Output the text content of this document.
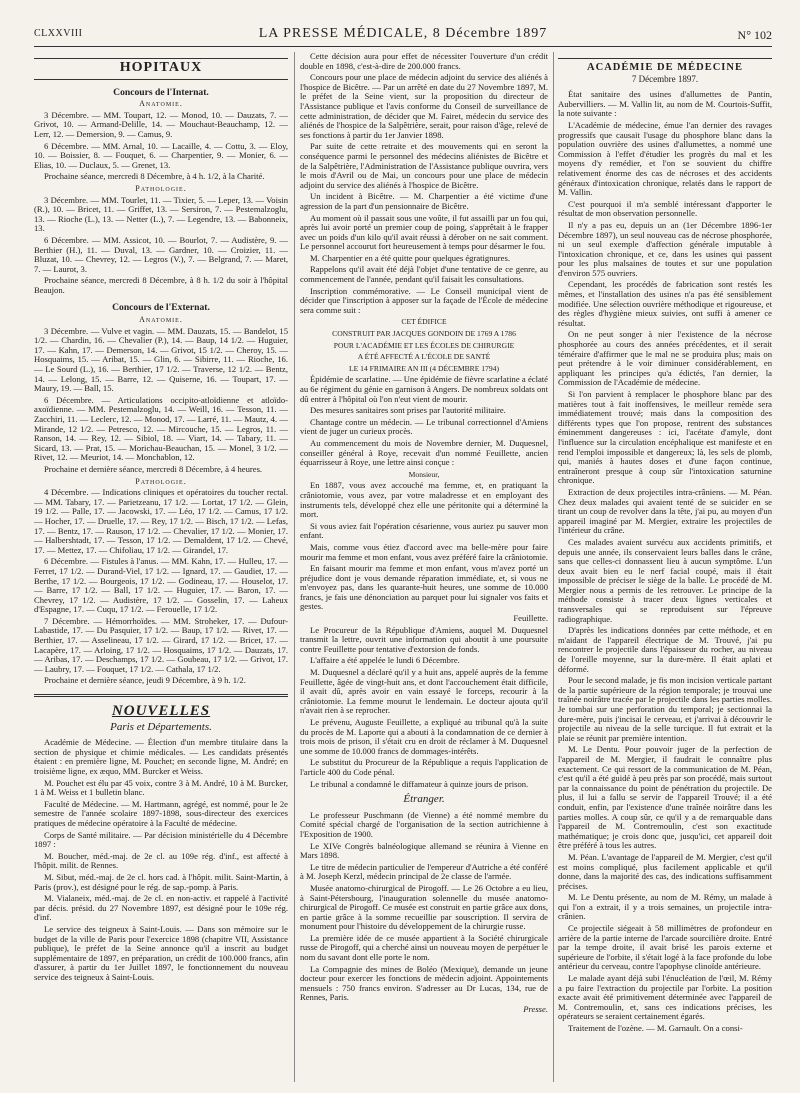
CLXXVIII	LA PRESSE MÉDICALE, 8 Décembre 1897	N° 102
HOPITAUX
Concours de l'Internat.
Anatomie.

3 Décembre. — MM. Toupart, 12. — Monod, 10. — Dauzats, 7. — Grivot, 10. — Armand-Delille, 14. — Mouchaut-Beauchamp, 12. — Lerr, 12. — Demersion, 9. — Camus, 9.

6 Décembre. — MM. Arnal, 10. — Lacaille, 4. — Cottu, 3. — Eloy, 10. — Boissier, 8. — Fouquet, 6. — Charpentier, 9. — Monier, 6. — Elias, 10. — Duclaux, 5. — Grenet, 13.

Prochaine séance, mercredi 8 Décembre, à 4 h. 1/2, à la Charité.

Pathologie.

3 Décembre. — MM. Tourlet, 11. — Tixier, 5. — Leper, 13. — Voisin (R.), 10. — Bricet, 11. — Griffet, 13. — Sersiron, 7. — Pestemalzoglu, 13. — Rioche (L.), 13. — Netter (L.), 7. — Legendre, 13. — Babonneix, 13.

6 Décembre. — MM. Assicot, 10. — Bourlot, 7. — Audistère, 9. — Berthier (H.), 11. — Duval, 13. — Gardner, 10. — Croizier, 11. — Bluzat, 10. — Chevrey, 12. — Legros (V.), 7. — Belgrand, 7. — Maret, 7. — Laurot, 3.

Prochaine séance, mercredi 8 Décembre, à 8 h. 1/2 du soir à l'hôpital Beaujon.

Concours de l'Externat.
Anatomie.

3 Décembre. — Vulve et vagin. — MM. Dauzats, 15. — Bandelot, 15 1/2. — Chardin, 16. — Chevalier (P.), 14. — Baup, 14 1/2. — Huguier, 17. — Kahn, 17. — Demerson, 14. — Grivot, 15 1/2. — Cheroy, 15. — Hosquaims, 15. — Aribat, 15. — Glin, 6. — Sibirre, 11. — Rioche, 16. — Le Sourd (L.), 16. — Berthier, 17 1/2. — Traverse, 12 1/2. — Bentz, 14. — Lelong, 15. — Barre, 12. — Quiserne, 16. — Toupart, 17. — Maury, 19. — Ball, 15.

6 Décembre. — Articulations occipito-atloïdienne et atloïdo-axoïdienne. — MM. Pestemalzoglu, 14. — Weill, 16. — Tesson, 11. — Zacchiri, 11. — Leclerc, 12. — Monod, 17. — Larré, 11. — Mautz, 4. — Mirande, 12 1/2. — Petresco, 12. — Mircouche, 15. — Legros, 11. — Ranson, 14. — Rey, 12. — Sibiol, 18. — Viart, 14. — Tabary, 11. — Sicard, 13. — Prat, 15. — Morichau-Beauchan, 15. — Monel, 3 1/2. — Rivet, 12. — Meuriot, 14. — Monchablon, 12.

Prochaine et dernière séance, mercredi 8 Décembre, à 4 heures.

Pathologie.

4 Décembre. — Indications cliniques et opératoires du toucher rectal. — MM. Tabary, 17. — Parietzeanu, 17 1/2. — Lortat, 17 1/2. — Glein, 19 1/2. — Palle, 17. — Jacowski, 17. — Léo, 17 1/2. — Camus, 17 1/2. — Hocher, 17. — Druelle, 17. — Rey, 17 1/2. — Bisch, 17 1/2. — Lefas, 17. — Bentz, 17. — Rauson, 17 1/2. — Chevalier, 17 1/2. — Monier, 17. — Halbershtadt, 17. — Tesson, 17 1/2. — Demaldent, 17 1/2. — Chevé, 17. — Mettez, 17. — Chifoliau, 17 1/2. — Girandel, 17.

6 Décembre. — Fistules à l'anus. — MM. Kahn, 17. — Hulleu, 17. — Ferret, 17 1/2. — Durand-Viel, 17 1/2. — Ignard, 17. — Gaudiet, 17. — Berthe, 17 1/2. — Bourgeois, 17 1/2. — Godineau, 17. — Houselot, 17. — Barre, 17 1/2. — Ball, 17 1/2. — Huguier, 17. — Baron, 17. — Chevrey, 17 1/2. — Audistère, 17 1/2. — Gosselin, 17. — Laheux d'Espagne, 17. — Cuqu, 17 1/2. — Ferouelle, 17 1/2.

7 Décembre. — Hémorrhoïdes. — MM. Stroheker, 17. — Dufour-Labastide, 17. — Du Pasquier, 17 1/2. — Baup, 17 1/2. — Rivet, 17. — Berthier, 17. — Asselineau, 17 1/2. — Girard, 17 1/2. — Bricet, 17. — Lacapère, 17. — Arloing, 17 1/2. — Hosquaims, 17 1/2. — Dauzats, 17. — Aribas, 17. — Deschamps, 17 1/2. — Goubeau, 17 1/2. — Grivot, 17. — Laubry, 17. — Fouquet, 17 1/2. — Cathala, 17 1/2.

Prochaine et dernière séance, jeudi 9 Décembre, à 9 h. 1/2.

NOUVELLES
Paris et Départements.

Académie de Médecine. — Élection d'un membre titulaire dans la section de physique et chimie médicales. — Les candidats présentés étaient : en première ligne, M. Pouchet; en seconde ligne, M. André; en troisième ligne, ex æquo, MM. Burcker et Weiss.

M. Pouchet est élu par 45 voix, contre 3 à M. André, 10 à M. Burcker, 1 à M. Weiss et 1 bulletin blanc.

Faculté de Médecine. — M. Hartmann, agrégé, est nommé, pour le 2e semestre de l'année scolaire 1897-1898, sous-directeur des exercices pratiques de médecine opératoire à la Faculté de médecine.

Corps de Santé militaire. — Par décision ministérielle du 4 Décembre 1897 :

M. Boucher, méd.-maj. de 2e cl. au 109e rég. d'inf., est affecté à l'hôpit. milit. de Rennes.

M. Sibut, méd.-maj. de 2e cl. hors cad. à l'hôpit. milit. Saint-Martin, à Paris (prov.), est désigné pour le rég. de sap.-pomp. à Paris.

M. Vialaneix, méd.-maj. de 2e cl. en non-activ. et rappelé à l'activité par décis. présid. du 27 Novembre 1897, est désigné pour le 109e rég. d'inf.

Le service des teigneux à Saint-Louis. — Dans son mémoire sur le budget de la ville de Paris pour l'exercice 1898 (chapitre VII, Assistance publique), le préfet de la Seine annonce qu'il a inscrit au budget supplémentaire de 1897, en préparation, un crédit de 100.000 francs, afin d'assurer, à partir du 1er Juillet 1897, le fonctionnement du nouveau service des teigneux à Saint-Louis.

Cette décision aura pour effet de nécessiter l'ouverture d'un crédit double en 1898, c'est-à-dire de 200.000 francs.

Concours pour une place de médecin adjoint du service des aliénés à l'hospice de Bicêtre. — Par un arrêté en date du 27 Novembre 1897, M. le préfet de la Seine vient, sur la proposition du directeur de l'Assistance publique et l'avis conforme du Conseil de surveillance de cette administration, de décider que M. Fairet, médecin du service des aliénés de l'hospice de la Salpêtrière, serait, pour raison d'âge, relevé de ses fonctions à partir du 1er Janvier 1898.

Par suite de cette retraite et des mouvements qui en seront la conséquence parmi le personnel des médecins aliénistes de Bicêtre et de la Salpêtrière, l'Administration de l'Assistance publique ouvrira, vers le mois d'Avril ou de Mai, un concours pour une place de médecin adjoint du service des aliénés à l'hospice de Bicêtre.

Un incident à Bicêtre. — M. Charpentier a été victime d'une agression de la part d'un pensionnaire de Bicêtre.

Au moment où il passait sous une voûte, il fut assailli par un fou qui, après lui avoir porté un premier coup de poing, s'apprêtait à le frapper avec un poids d'un kilo qu'il avait réussi à dérober on ne sait comment. Le personnel accourut fort heureusement à temps pour désarmer le fou.

M. Charpentier en a été quitte pour quelques égratignures.

Rappelons qu'il avait été déjà l'objet d'une tentative de ce genre, au commencement de l'année, pendant qu'il faisait les consultations.

Inscription commémorative. — Le Conseil municipal vient de décider que l'inscription à apposer sur la façade de l'École de médecine sera comme suit :

CET ÉDIFICE

CONSTRUIT PAR JACQUES GONDOIN DE 1769 A 1786

POUR L'ACADÉMIE ET LES ÉCOLES DE CHIRURGIE

A ÉTÉ AFFECTÉ A L'ÉCOLE DE SANTÉ

LE 14 FRIMAIRE AN III (4 DÉCEMBRE 1794)

Épidémie de scarlatine. — Une épidémie de fièvre scarlatine a éclaté au 6e régiment du génie en garnison à Angers. De nombreux soldats ont dû entrer à l'hôpital où l'on n'eut vient de mourir.

Des mesures sanitaires sont prises par l'autorité militaire.

Chantage contre un médecin. — Le tribunal correctionnel d'Amiens vient de juger un curieux procès.

Au commencement du mois de Novembre dernier, M. Duquesnel, conseiller général à Roye, recevait d'un nommé Feuillette, ancien équarrisseur à Roye, une lettre ainsi conçue :

Monsieur,

En 1887, vous avez accouché ma femme, et, en pratiquant la crâniotomie, vous avez, par votre maladresse et en employant des instruments tels, développé chez elle une péritonite qui a déterminé la mort.

Si vous aviez fait l'opération césarienne, vous auriez pu sauver mon enfant.

Mais, comme vous étiez d'accord avec ma belle-mère pour faire mourir ma femme et mon enfant, vous avez préféré faire la crâniotomie.

En faisant mourir ma femme et mon enfant, vous m'avez porté un préjudice dont je vous demande réparation immédiate, et, si vous ne m'envoyez pas, dans les quarante-huit heures, une somme de 10.000 francs, je fais une dénonciation au parquet pour lui signaler vos faits et gestes.

Feuillette.

Le Procureur de la République d'Amiens, auquel M. Duquesnel transmit la lettre, ouvrit une information qui aboutit à une poursuite contre Feuillette pour tentative d'extorsion de fonds.

L'affaire a été appelée le lundi 6 Décembre.

M. Duquesnel a déclaré qu'il y a huit ans, appelé auprès de la femme Feuillette, âgée de vingt-huit ans, et dont l'accouchement était difficile, il avait dû, après avoir en vain essayé le forceps, recourir à la crâniotomie. La femme mourut le lendemain. Le docteur ajouta qu'il n'avait rien à se reprocher.

Le prévenu, Auguste Feuillette, a expliqué au tribunal qu'à la suite du procès de M. Laporte qui a abouti à la condamnation de ce dernier à trois mois de prison, il s'était cru en droit de réclamer à M. Duquesnel une somme de 10.000 francs de dommages-intérêts.

Le substitut du Procureur de la République a requis l'application de l'article 400 du Code pénal.

Le tribunal a condamné le diffamateur à quinze jours de prison.

Étranger.

Le professeur Puschmann (de Vienne) a été nommé membre du Comité spécial chargé de l'organisation de la section autrichienne à l'Exposition de 1900.

Le XIVe Congrès balnéologique allemand se réunira à Vienne en Mars 1898.

Le titre de médecin particulier de l'empereur d'Autriche a été conféré à M. Joseph Kerzl, médecin principal de 2e classe de l'armée.

Musée anatomo-chirurgical de Pirogoff. — Le 26 Octobre a eu lieu, à Saint-Pétersbourg, l'inauguration solennelle du musée anatomo-chirurgical de Pirogoff. Ce musée est construit en partie grâce aux dons, en partie grâce à la somme recueillie par souscription. Il servira de monument pour l'histoire du développement de la chirurgie russe.

La première idée de ce musée appartient à la Société chirurgicale russe de Pirogoff, qui a cherché ainsi un nouveau moyen de perpétuer le nom du savant dont elle porte le nom.

La Compagnie des mines de Boléo (Mexique), demande un jeune docteur pour exercer les fonctions de médecin adjoint. Appointements mensuels : 750 francs environ. S'adresser au Dr Lucas, 134, rue de Rennes, Paris.

Presse.

ACADÉMIE DE MÉDECINE
7 Décembre 1897.

État sanitaire des usines d'allumettes de Pantin, Aubervilliers. — M. Vallin lit, au nom de M. Courtois-Suffit, la note suivante :

L'Académie de médecine, émue l'an dernier des ravages progressifs que causait l'usage du phosphore blanc dans la population ouvrière des usines d'allumettes, a nommé une Commission à l'effet d'étudier les progrès du mal et les moyens d'y remédier, et l'on se souvient du chiffre relativement énorme des cas de nécroses et des accidents généraux d'intoxication chronique, relatés dans le rapport de M. Vallin.

C'est pourquoi il m'a semblé intéressant d'apporter le résultat de mon observation personnelle.

Il n'y a pas eu, depuis un an (1er Décembre 1896-1er Décembre 1897), un seul nouveau cas de nécrose phosphorée, ni un seul exemple d'affection générale imputable à l'intoxication chronique, et ce, dans les usines qui passent pour les plus malsaines de toutes et sur une population d'environ 575 ouvriers.

Cependant, les procédés de fabrication sont restés les mêmes, et l'installation des usines n'a pas été sensiblement modifiée. Une sélection ouvrière méthodique et rigoureuse, et des règles d'hygiène mieux suivies, ont suffi à amener ce résultat.

On ne peut songer à nier l'existence de la nécrose phosphorée au cours des années précédentes, et il serait téméraire d'affirmer que le mal ne se produira plus; mais on peut prétendre à le voir diminuer considérablement, en appliquant les principes qu'a édictés, l'an dernier, la Commission de l'Académie de médecine.

Si l'on parvient à remplacer le phosphore blanc par des matières tout à fait inoffensives, le meilleur remède sera immédiatement trouvé; mais dans la composition des différents types que l'on propose, rentrent des substances éminemment dangereuses : ici, l'acétate d'amyle, dont l'influence sur la circulation encéphalique est manifeste et en rend l'emploi impossible et dangereux; là, les sels de plomb, qui, maniés à hautes doses et d'une façon continue, entraîneront presque à coup sûr l'intoxication saturnine chronique.

Extraction de deux projectiles intra-crâniens. — M. Péan. Chez deux malades qui avaient tenté de se suicider en se tirant un coup de revolver dans la tête, j'ai pu, au moyen d'un appareil imaginé par M. Mergier, extraire les projectiles de l'intérieur du crâne.

Ces malades avaient survécu aux accidents primitifs, et depuis une année, ils conservaient leurs balles dans le crâne, sans que celles-ci donnassent lieu à aucun symptôme. L'un deux avait bien eu le nerf facial coupé, mais il était impossible de préciser le siège de la balle. Le procédé de M. Mergier nous a permis de les retrouver. Le principe de la méthode consiste à tracer deux lignes verticales et transversales qui se reproduisent sur l'épreuve radiographique.

D'après les indications données par cette méthode, et en m'aidant de l'appareil électrique de M. Trouvé, j'ai pu rencontrer le projectile dans l'épaisseur du rocher, au niveau de l'oreille moyenne, sur la dure-mère. Il était aplati et déformé.

Pour le second malade, je fis mon incision verticale partant de la partie supérieure de la région temporale; je trouvai une traînée noirâtre tracée par le projectile dans les parties molles. Je tombai sur une perforation du temporal; je sectionnai la dure-mère, puis j'incisai le cerveau, et j'arrivai à découvrir le projectile au niveau de la selle turcique. Il fut extrait et la plaie se réunit par première intention.

M. Le Dentu. Pour pouvoir juger de la perfection de l'appareil de M. Mergier, il faudrait le connaître plus exactement. Ce qui ressort de la communication de M. Péan, c'est qu'il a été guidé à peu près par son procédé, mais surtout par la connaissance du point de pénétration du projectile. De plus, il lui a fallu se servir de l'appareil Trouvé; il a été conduit, enfin, par l'existence d'une traînée noirâtre dans les parties molles. A coup sûr, ce qu'il y a de remarquable dans l'appareil de M. Contremoulin, c'est son exactitude mathématique; je crois donc que, jusqu'ici, cet appareil doit être préféré à tous les autres.

M. Péan. L'avantage de l'appareil de M. Mergier, c'est qu'il est moins compliqué, plus facilement applicable et qu'il donne, dans la majorité des cas, des indications suffisamment précises.

M. Le Dentu présente, au nom de M. Rémy, un malade à qui l'on a extrait, il y a trois semaines, un projectile intra-crânien.

Ce projectile siégeait à 58 millimètres de profondeur en arrière de la partie interne de l'arcade sourcilière droite. Entré par la tempe droite, il avait brisé les parois externe et supérieure de l'orbite, il s'était logé à la face profonde du lobe antérieur du cerveau, contre l'apophyse clinoïde antérieure.

Le malade ayant déjà subi l'énucléation de l'œil, M. Rémy a pu faire l'extraction du projectile par l'orbite. La position exacte avait été primitivement déterminée avec l'appareil de M. Contremoulin, et, sans ces indications précises, les opérateurs se seraient certainement égarés.

Traitement de l'ozène. — M. Garnault. On a consi-
